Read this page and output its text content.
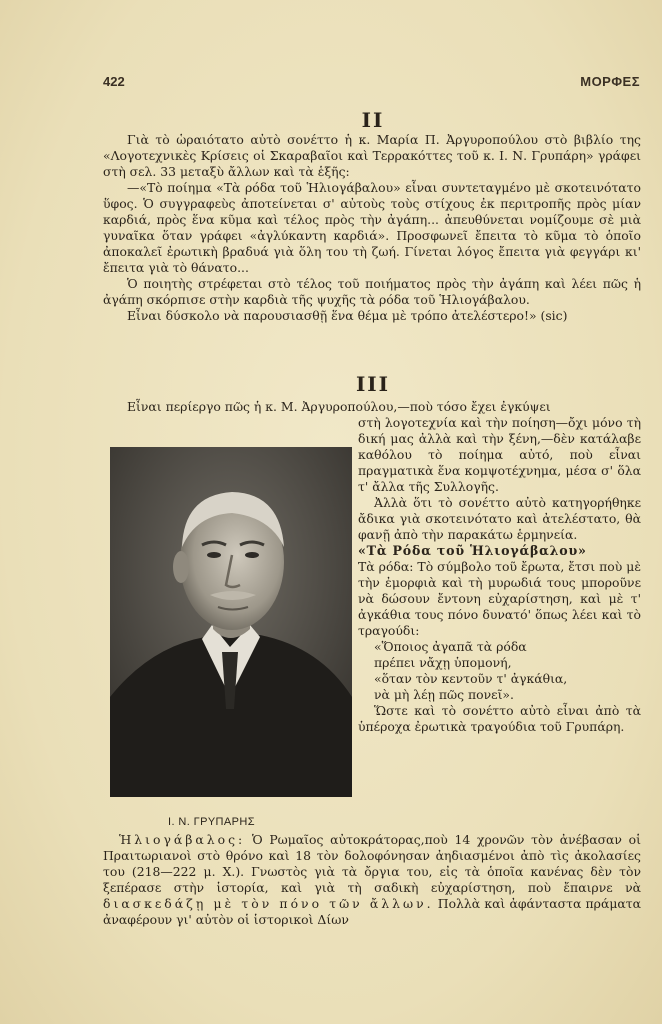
422	ΜΟΡΦΕΣ
II

Γιὰ τὸ ὡραιότατο αὐτὸ σονέττο ἡ κ. Μαρία Π. Ἀργυροπούλου στὸ βιβλίο της «Λογοτεχνικὲς Κρίσεις οἱ Σκαραβαῖοι καὶ Τερρακόττες τοῦ κ. Ι. Ν. Γρυπάρη» γράφει στὴ σελ. 33 μεταξὺ ἄλλων καὶ τὰ ἑξῆς:

—«Τὸ ποίημα «Τὰ ρόδα τοῦ Ἡλιογάβαλου» εἶναι συντεταγμένο μὲ σκοτεινότατο ὕφος. Ὁ συγγραφεὺς ἀποτείνεται σ' αὐτοὺς τοὺς στίχους ἐκ περιτροπῆς πρὸς μίαν καρδιά, πρὸς ἕνα κῦμα καὶ τέλος πρὸς τὴν ἀγάπη... ἀπευθύνεται νομίζουμε σὲ μιὰ γυναῖκα ὅταν γράφει «ἀγλύκαντη καρδιά». Προσφωνεῖ ἔπειτα τὸ κῦμα τὸ ὁποῖο ἀποκαλεῖ ἐρωτικὴ βραδυά γιὰ ὅλη του τὴ ζωή. Γίνεται λόγος ἔπειτα γιὰ φεγγάρι κι' ἔπειτα γιὰ τὸ θάνατο...

Ὁ ποιητὴς στρέφεται στὸ τέλος τοῦ ποιήματος πρὸς τὴν ἀγάπη καὶ λέει πῶς ἡ ἀγάπη σκόρπισε στὴν καρδιὰ τῆς ψυχῆς τὰ ρόδα τοῦ Ἡλιογάβαλου.

Εἶναι δύσκολο νὰ παρουσιασθῇ ἕνα θέμα μὲ τρόπο ἀτελέστερο!» (sic)

III

Εἶναι περίεργο πῶς ἡ κ. Μ. Ἀργυροπούλου,—ποὺ τόσο ἔχει ἐγκύψει

στὴ λογοτεχνία καὶ τὴν ποίηση—ὄχι μόνο τὴ δική μας ἀλλὰ καὶ τὴν ξένη,—δὲν κατάλαβε καθόλου τὸ ποίημα αὐτό, ποὺ εἶναι πραγματικὰ ἕνα κομψοτέχνημα, μέσα σ' ὅλα τ' ἄλλα τῆς Συλλογῆς.

Ἀλλὰ ὅτι τὸ σονέττο αὐτὸ κατηγορήθηκε ἄδικα γιὰ σκοτεινότατο καὶ ἀτελέστατο, θὰ φανῇ ἀπὸ τὴν παρακάτω ἑρμηνεία.

«Τὰ Ρόδα τοῦ Ἡλιογάβαλου»

Τὰ ρόδα: Τὸ σύμβολο τοῦ ἔρωτα, ἔτσι ποὺ μὲ τὴν ἐμορφιὰ καὶ τὴ μυρωδιά τους μποροῦνε νὰ δώσουν ἔντονη εὐχαρίστηση, καὶ μὲ τ' ἀγκάθια τους πόνο δυνατό' ὅπως λέει καὶ τὸ τραγούδι:

«Ὅποιος ἀγαπᾶ τὰ ρόδα
πρέπει νἄχῃ ὑπομονή,
«ὅταν τὸν κεντοῦν τ' ἀγκάθια,
νὰ μὴ λέῃ πῶς πονεῖ».

Ὥστε καὶ τὸ σονέττο αὐτὸ εἶναι ἀπὸ τὰ ὑπέροχα ἐρωτικὰ τραγούδια τοῦ Γρυπάρη.

Ι. Ν. ΓΡΥΠΑΡΗΣ

Ἡλιογάβαλος: Ὁ Ρωμαῖος αὐτοκράτορας,ποὺ 14 χρονῶν τὸν ἀνέβασαν οἱ Πραιτωριανοὶ στὸ θρόνο καὶ 18 τὸν δολοφόνησαν ἀηδιασμένοι ἀπὸ τὶς ἀκολασίες του (218—222 μ. Χ.). Γνωστὸς γιὰ τὰ ὄργια του, εἰς τὰ ὁποῖα κανένας δὲν τὸν ξεπέρασε στὴν ἱστορία, καὶ γιὰ τὴ σαδικὴ εὐχαρίστηση, ποὺ ἔπαιρνε νὰ διασκεδάζῃ μὲ τὸν πόνο τῶν ἄλλων. Πολλὰ καὶ ἀφάνταστα πράματα ἀναφέρουν γι' αὐτὸν οἱ ἱστορικοὶ Δίων
